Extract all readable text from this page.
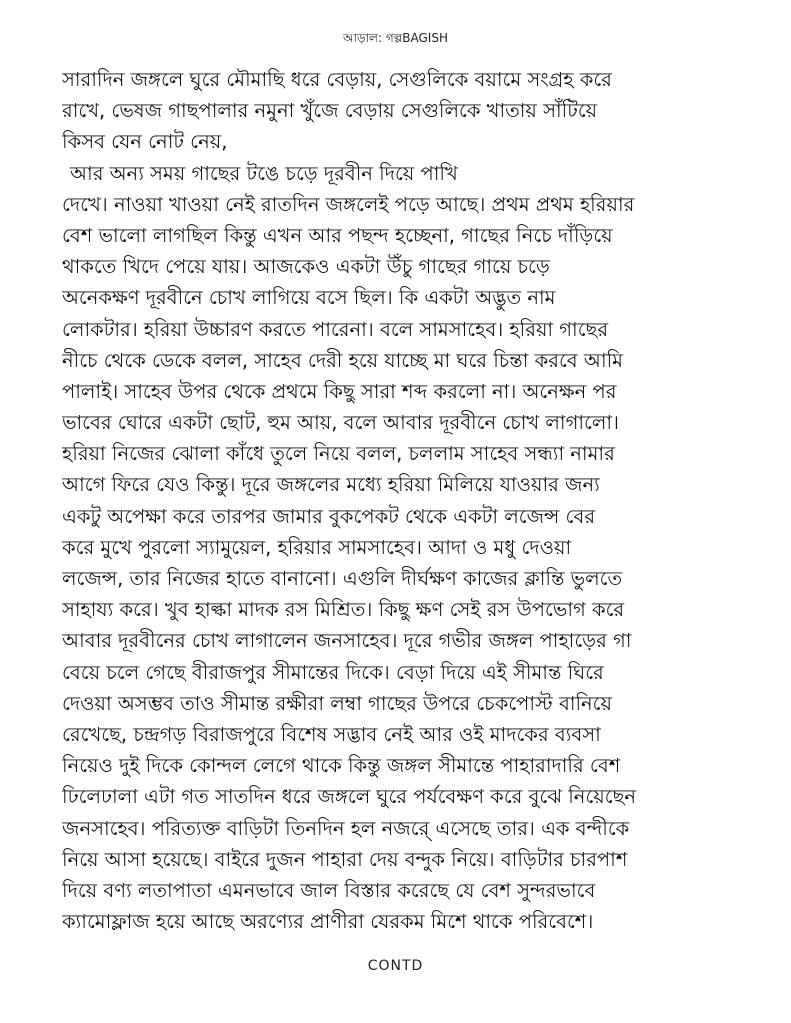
আড়াল: গল্পBAGISH
সারাদিন জঙ্গলে ঘুরে মৌমাছি ধরে বেড়ায়, সেগুলিকে বয়ামে সংগ্রহ করে
রাখে, ভেষজ গাছপালার নমুনা খুঁজে বেড়ায় সেগুলিকে খাতায় সাঁটিয়ে
কিসব যেন নোট নেয়,
আর অন্য সময় গাছের টঙে চড়ে দূরবীন দিয়ে পাখি
দেখে। নাওয়া খাওয়া নেই রাতদিন জঙ্গলেই পড়ে আছে। প্রথম প্রথম হরিয়ার
বেশ ভালো লাগছিল কিন্তু এখন আর পছন্দ হচ্ছেনা, গাছের নিচে দাঁড়িয়ে
থাকতে খিদে পেয়ে যায়। আজকেও একটা উঁচু গাছের গায়ে চড়ে
অনেকক্ষণ দূরবীনে চোখ লাগিয়ে বসে ছিল। কি একটা অদ্ভুত নাম
লোকটার। হরিয়া উচ্চারণ করতে পারেনা। বলে সামসাহেব। হরিয়া গাছের
নীচে থেকে ডেকে বলল, সাহেব দেরী হয়ে যাচ্ছে মা ঘরে চিন্তা করবে আমি
পালাই। সাহেব উপর থেকে প্রথমে কিছু সারা শব্দ করলো না। অনেক্ষন পর
ভাবের ঘোরে একটা ছোট, হুম আয়, বলে আবার দূরবীনে চোখ লাগালো।
হরিয়া নিজের ঝোলা কাঁধে তুলে নিয়ে বলল, চললাম সাহেব সন্ধ্যা নামার
আগে ফিরে যেও কিন্তু। দূরে জঙ্গলের মধ্যে হরিয়া মিলিয়ে যাওয়ার জন্য
একটু অপেক্ষা করে তারপর জামার বুকপেকট থেকে একটা লজেন্স বের
করে মুখে পুরলো স্যামুয়েল, হরিয়ার সামসাহেব। আদা ও মধু দেওয়া
লজেন্স, তার নিজের হাতে বানানো। এগুলি দীর্ঘক্ষণ কাজের ক্লান্তি ভুলতে
সাহায্য করে। খুব হাল্কা মাদক রস মিশ্রিত। কিছু ক্ষণ সেই রস উপভোগ করে
আবার দূরবীনের চোখ লাগালেন জনসাহেব। দূরে গভীর জঙ্গল পাহাড়ের গা
বেয়ে চলে গেছে বীরাজপুর সীমান্তের দিকে। বেড়া দিয়ে এই সীমান্ত ঘিরে
দেওয়া অসম্ভব তাও সীমান্ত রক্ষীরা লম্বা গাছের উপরে চেকপোস্ট বানিয়ে
রেখেছে, চন্দ্রগড় বিরাজপুরে বিশেষ সদ্ভাব নেই আর ওই মাদকের ব্যবসা
নিয়েও দুই দিকে কোন্দল লেগে থাকে কিন্তু জঙ্গল সীমান্তে পাহারাদারি বেশ
ঢিলেঢালা এটা গত সাতদিন ধরে জঙ্গলে ঘুরে পর্যবেক্ষণ করে বুঝে নিয়েছেন
জনসাহেব। পরিত্যক্ত বাড়িটা তিনদিন হল নজরে্ এসেছে তার। এক বন্দীকে
নিয়ে আসা হয়েছে। বাইরে দুজন পাহারা দেয় বন্দুক নিয়ে। বাড়িটার চারপাশ
দিয়ে বণ্য লতাপাতা এমনভাবে জাল বিস্তার করেছে যে বেশ সুন্দরভাবে
ক্যামোফ্লাজ হয়ে আছে অরণ্যের প্রাণীরা যেরকম মিশে থাকে পরিবেশে।
CONTD
